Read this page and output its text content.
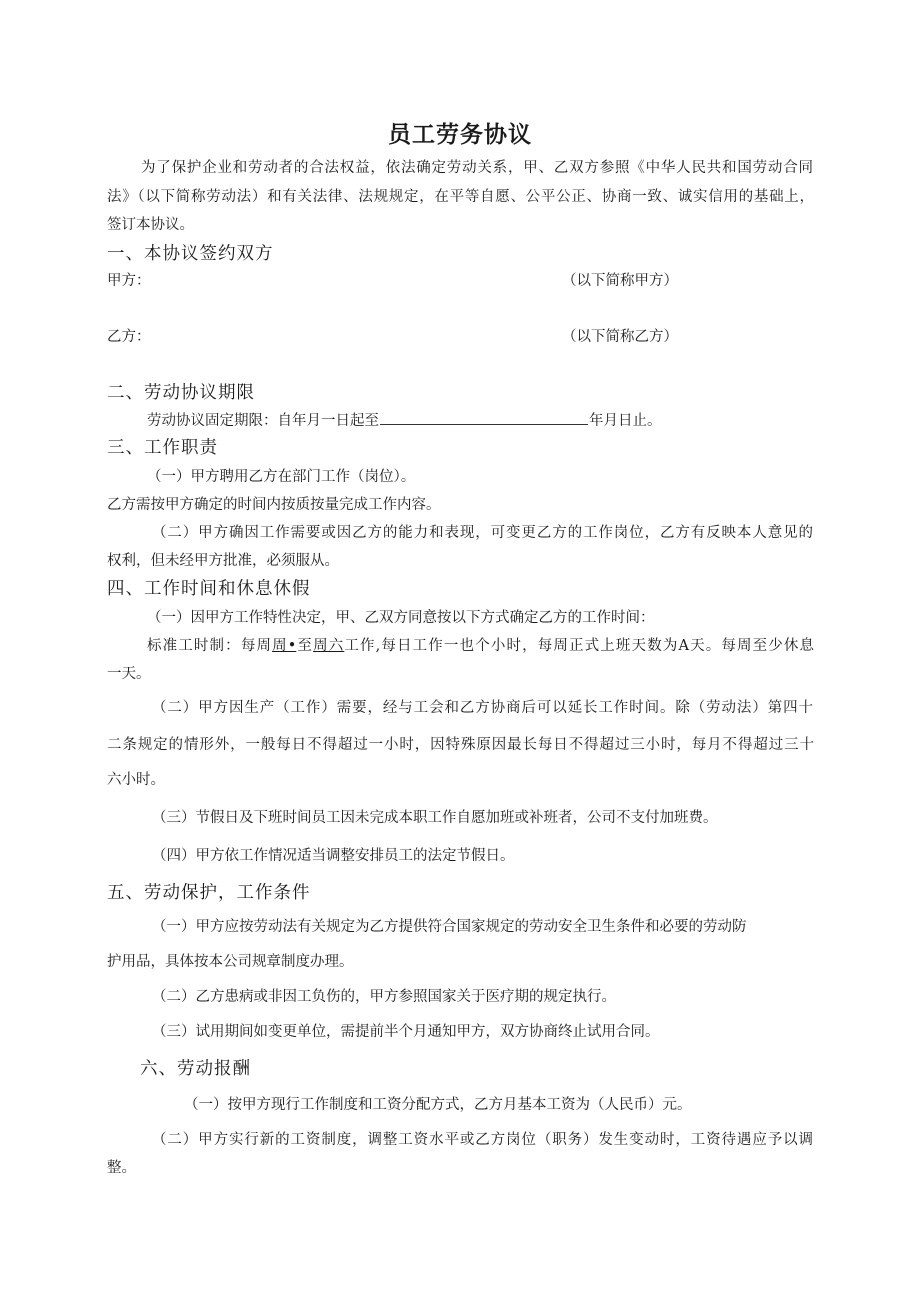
员工劳务协议
为了保护企业和劳动者的合法权益，依法确定劳动关系，甲、乙双方参照《中华人民共和国劳动合同
法》（以下简称劳动法）和有关法律、法规规定，在平等自愿、公平公正、协商一致、诚实信用的基础上，
签订本协议。
一、本协议签约双方
甲方：	（以下简称甲方）
乙方：	（以下简称乙方）
二、劳动协议期限
劳动协议固定期限：自年月一日起至	年月日止。
三、工作职责
（一）甲方聘用乙方在部门工作（岗位）。
乙方需按甲方确定的时间内按质按量完成工作内容。
（二）甲方确因工作需要或因乙方的能力和表现，可变更乙方的工作岗位，乙方有反映本人意见的
权利，但未经甲方批准，必须服从。
四、工作时间和休息休假
（一）因甲方工作特性决定，甲、乙双方同意按以下方式确定乙方的工作时间：
标准工时制：每周周•至周六工作,每日工作一也个小时，每周正式上班天数为A天。每周至少休息
一天。
（二）甲方因生产（工作）需要，经与工会和乙方协商后可以延长工作时间。除（劳动法）第四十
二条规定的情形外，一般每日不得超过一小时，因特殊原因最长每日不得超过三小时，每月不得超过三十
六小时。
（三）节假日及下班时间员工因未完成本职工作自愿加班或补班者，公司不支付加班费。
（四）甲方依工作情况适当调整安排员工的法定节假日。
五、劳动保护，工作条件
（一）甲方应按劳动法有关规定为乙方提供符合国家规定的劳动安全卫生条件和必要的劳动防
护用品，具体按本公司规章制度办理。
（二）乙方患病或非因工负伤的，甲方参照国家关于医疗期的规定执行。
（三）试用期间如变更单位，需提前半个月通知甲方，双方协商终止试用合同。
六、劳动报酬
（一）按甲方现行工作制度和工资分配方式，乙方月基本工资为（人民币）元。
（二）甲方实行新的工资制度，调整工资水平或乙方岗位（职务）发生变动时，工资待遇应予以调
整。
